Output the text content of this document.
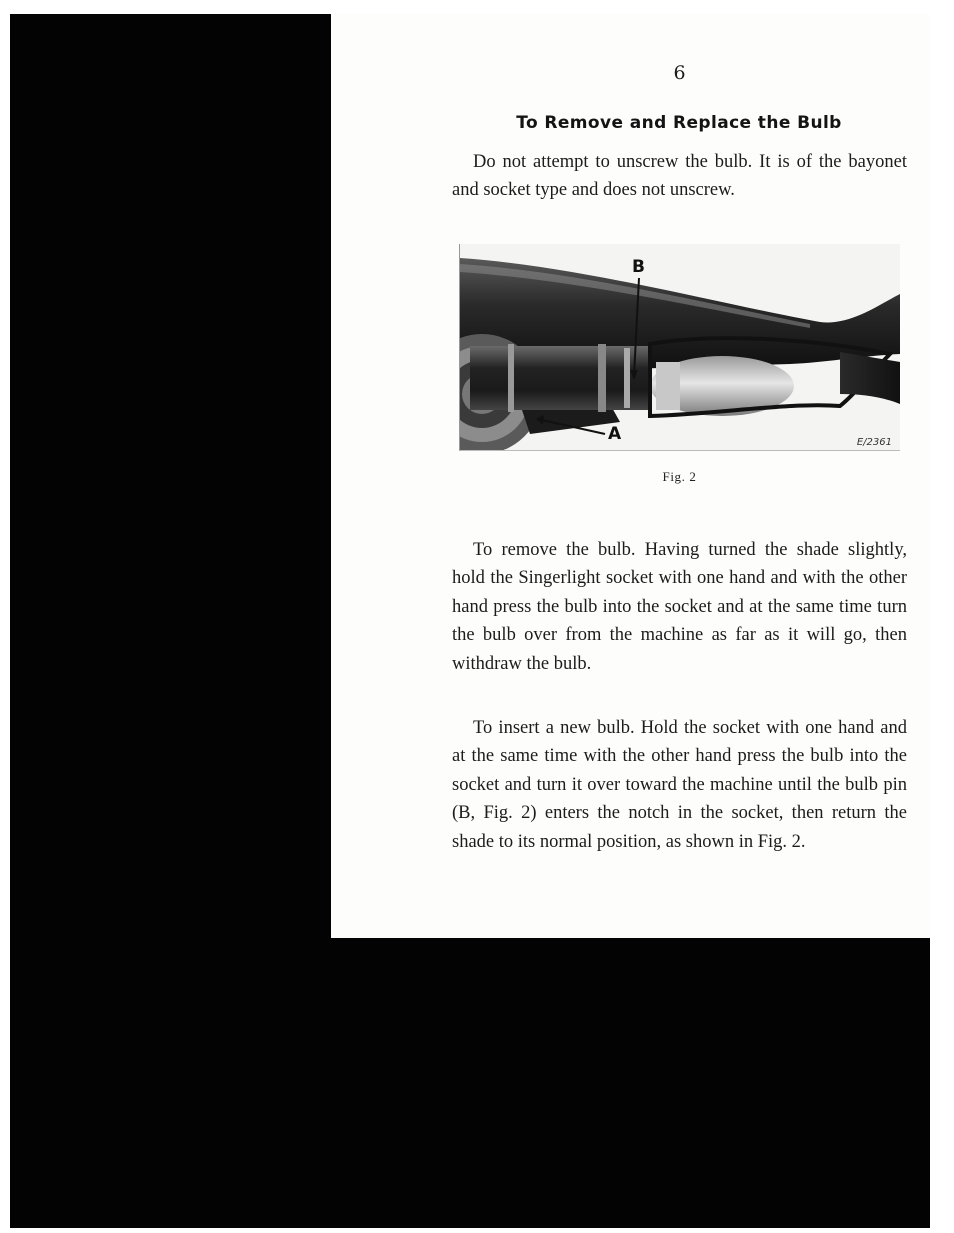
6
To Remove and Replace the Bulb

Do not attempt to unscrew the bulb. It is of the bayonet and socket type and does not unscrew.

B
A	E/2361
Fig. 2

To remove the bulb. Having turned the shade slightly, hold the Singerlight socket with one hand and with the other hand press the bulb into the socket and at the same time turn the bulb over from the machine as far as it will go, then withdraw the bulb.

To insert a new bulb. Hold the socket with one hand and at the same time with the other hand press the bulb into the socket and turn it over toward the machine until the bulb pin (B, Fig. 2) enters the notch in the socket, then return the shade to its normal position, as shown in Fig. 2.
